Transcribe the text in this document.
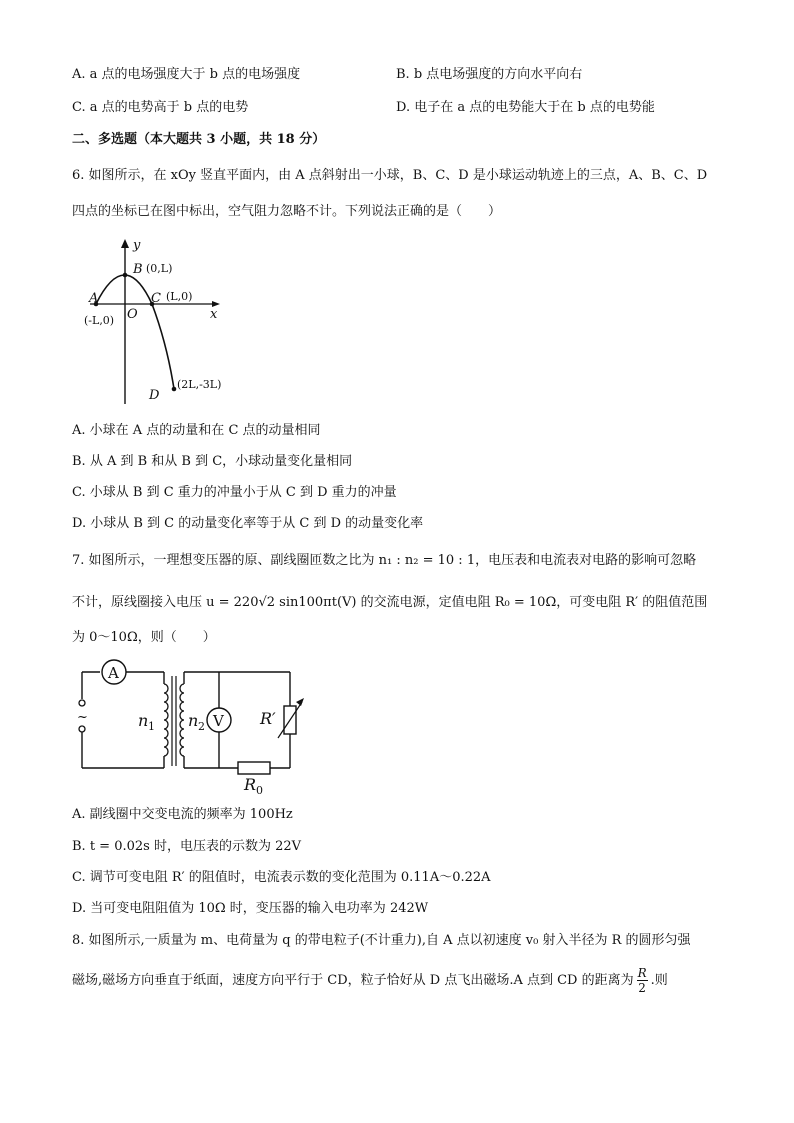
A. a 点的电场强度大于 b 点的电场强度	B. b 点电场强度的方向水平向右
C. a 点的电势高于 b 点的电势	D. 电子在 a 点的电势能大于在 b 点的电势能
二、多选题（本大题共 3 小题，共 18 分）
6. 如图所示，在 xOy 竖直平面内，由 A 点斜射出一小球，B、C、D 是小球运动轨迹上的三点，A、B、C、D
四点的坐标已在图中标出，空气阻力忽略不计。下列说法正确的是（　　）
y
x
O
A
(-L,0)
B (0,L)
C (L,0)
D
(2L,-3L)
A. 小球在 A 点的动量和在 C 点的动量相同
B. 从 A 到 B 和从 B 到 C，小球动量变化量相同
C. 小球从 B 到 C 重力的冲量小于从 C 到 D 重力的冲量
D. 小球从 B 到 C 的动量变化率等于从 C 到 D 的动量变化率
7. 如图所示，一理想变压器的原、副线圈匝数之比为 n₁ : n₂ = 10 : 1，电压表和电流表对电路的影响可忽略
不计，原线圈接入电压 u = 220√2 sin100πt(V) 的交流电源，定值电阻 R₀ = 10Ω，可变电阻 R′ 的阻值范围
为 0～10Ω，则（　　）
A
~	n 1 n 2 V R′
R 0
A. 副线圈中交变电流的频率为 100Hz
B. t = 0.02s 时，电压表的示数为 22V
C. 调节可变电阻 R′ 的阻值时，电流表示数的变化范围为 0.11A～0.22A
D. 当可变电阻阻值为 10Ω 时，变压器的输入电功率为 242W
8. 如图所示,一质量为 m、电荷量为 q 的带电粒子(不计重力),自 A 点以初速度 v₀ 射入半径为 R 的圆形匀强
磁场,磁场方向垂直于纸面，速度方向平行于 CD，粒子恰好从 D 点飞出磁场.A 点到 CD 的距离为 R
2
.则
